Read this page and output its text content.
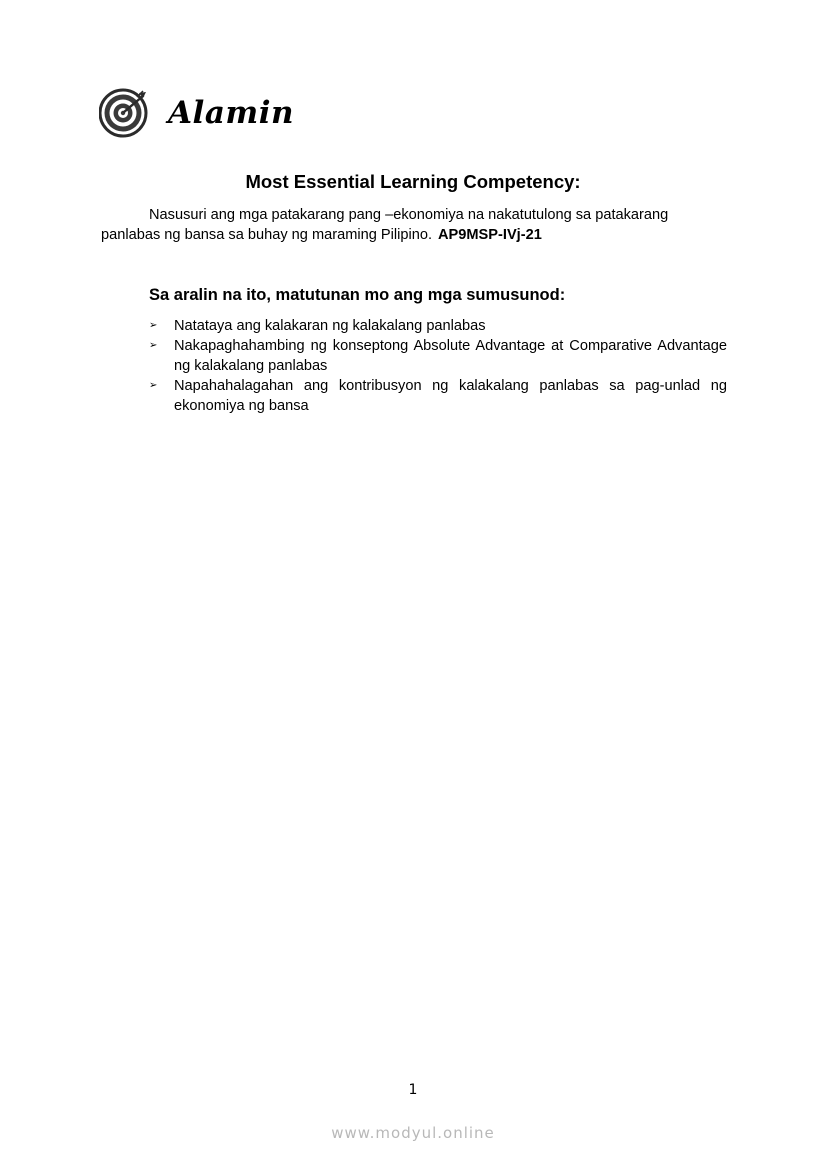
Alamin
Most Essential Learning Competency:
Nasusuri ang mga patakarang pang –ekonomiya na nakatutulong sa patakarang panlabas ng bansa sa buhay ng maraming Pilipino. AP9MSP-IVj-21
Sa aralin na ito, matutunan mo ang mga sumusunod:
➢ Natataya ang kalakaran ng kalakalang panlabas
➢ Nakapaghahambing ng konseptong Absolute Advantage at Comparative Advantage ng kalakalang panlabas
➢ Napahahalagahan ang kontribusyon ng kalakalang panlabas sa pag-unlad ng ekonomiya ng bansa
1
www.modyul.online
